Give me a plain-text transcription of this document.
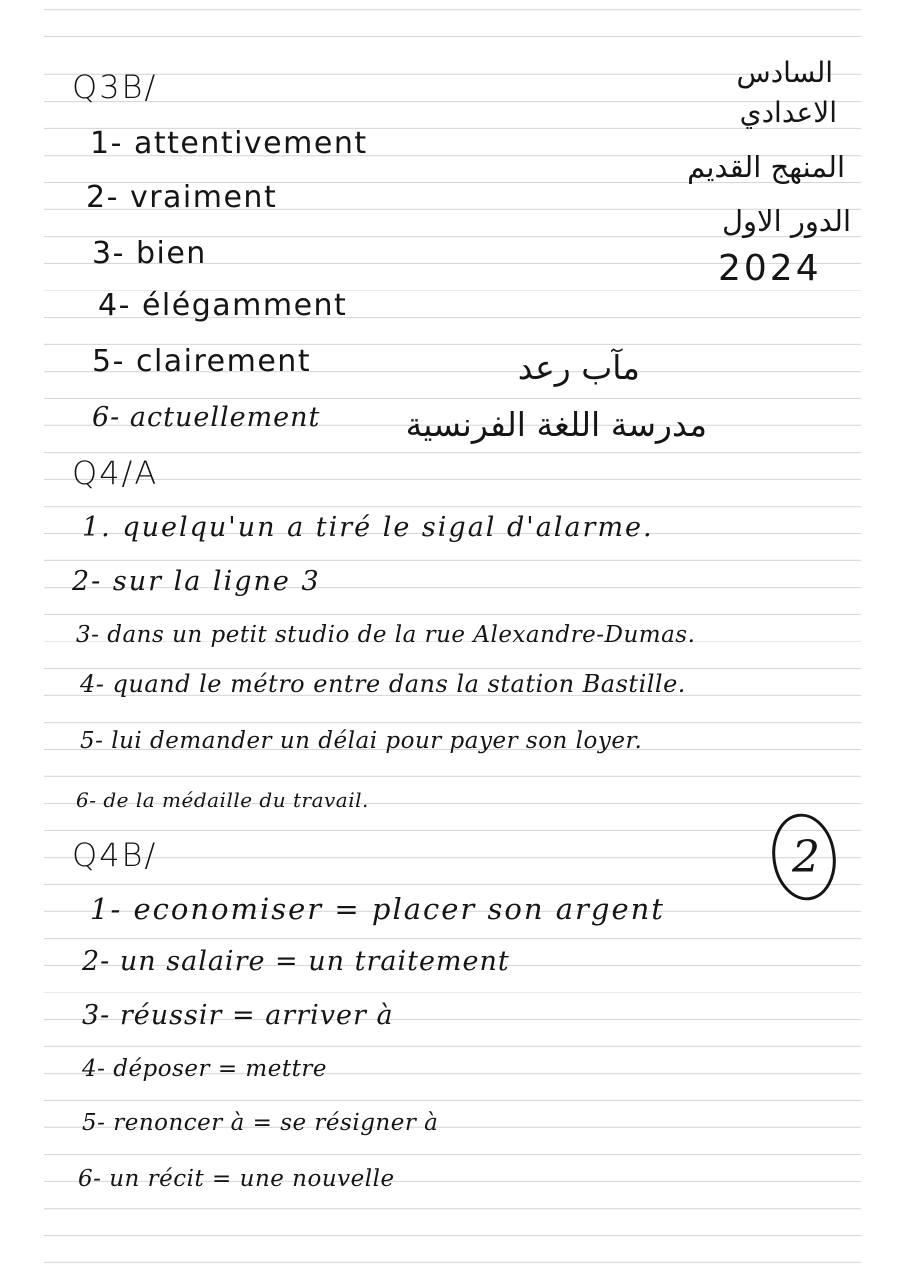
السادس
الاعدادي
المنهج القديم
الدور الاول
2024
مآب رعد
مدرسة اللغة الفرنسية
Q3B/
1- attentivement
2- vraiment
3- bien
4- élégamment
5- clairement
6- actuellement
Q4/A
1. quelqu'un a tiré le sigal d'alarme.
2- sur la ligne 3
3- dans un petit studio de la rue Alexandre-Dumas.
4- quand le métro entre dans la station Bastille.
5- lui demander un délai pour payer son loyer.
6- de la médaille du travail.
2
Q4B/
1- economiser = placer son argent
2- un salaire = un traitement
3- réussir = arriver à
4- déposer = mettre
5- renoncer à = se résigner à
6- un récit = une nouvelle
